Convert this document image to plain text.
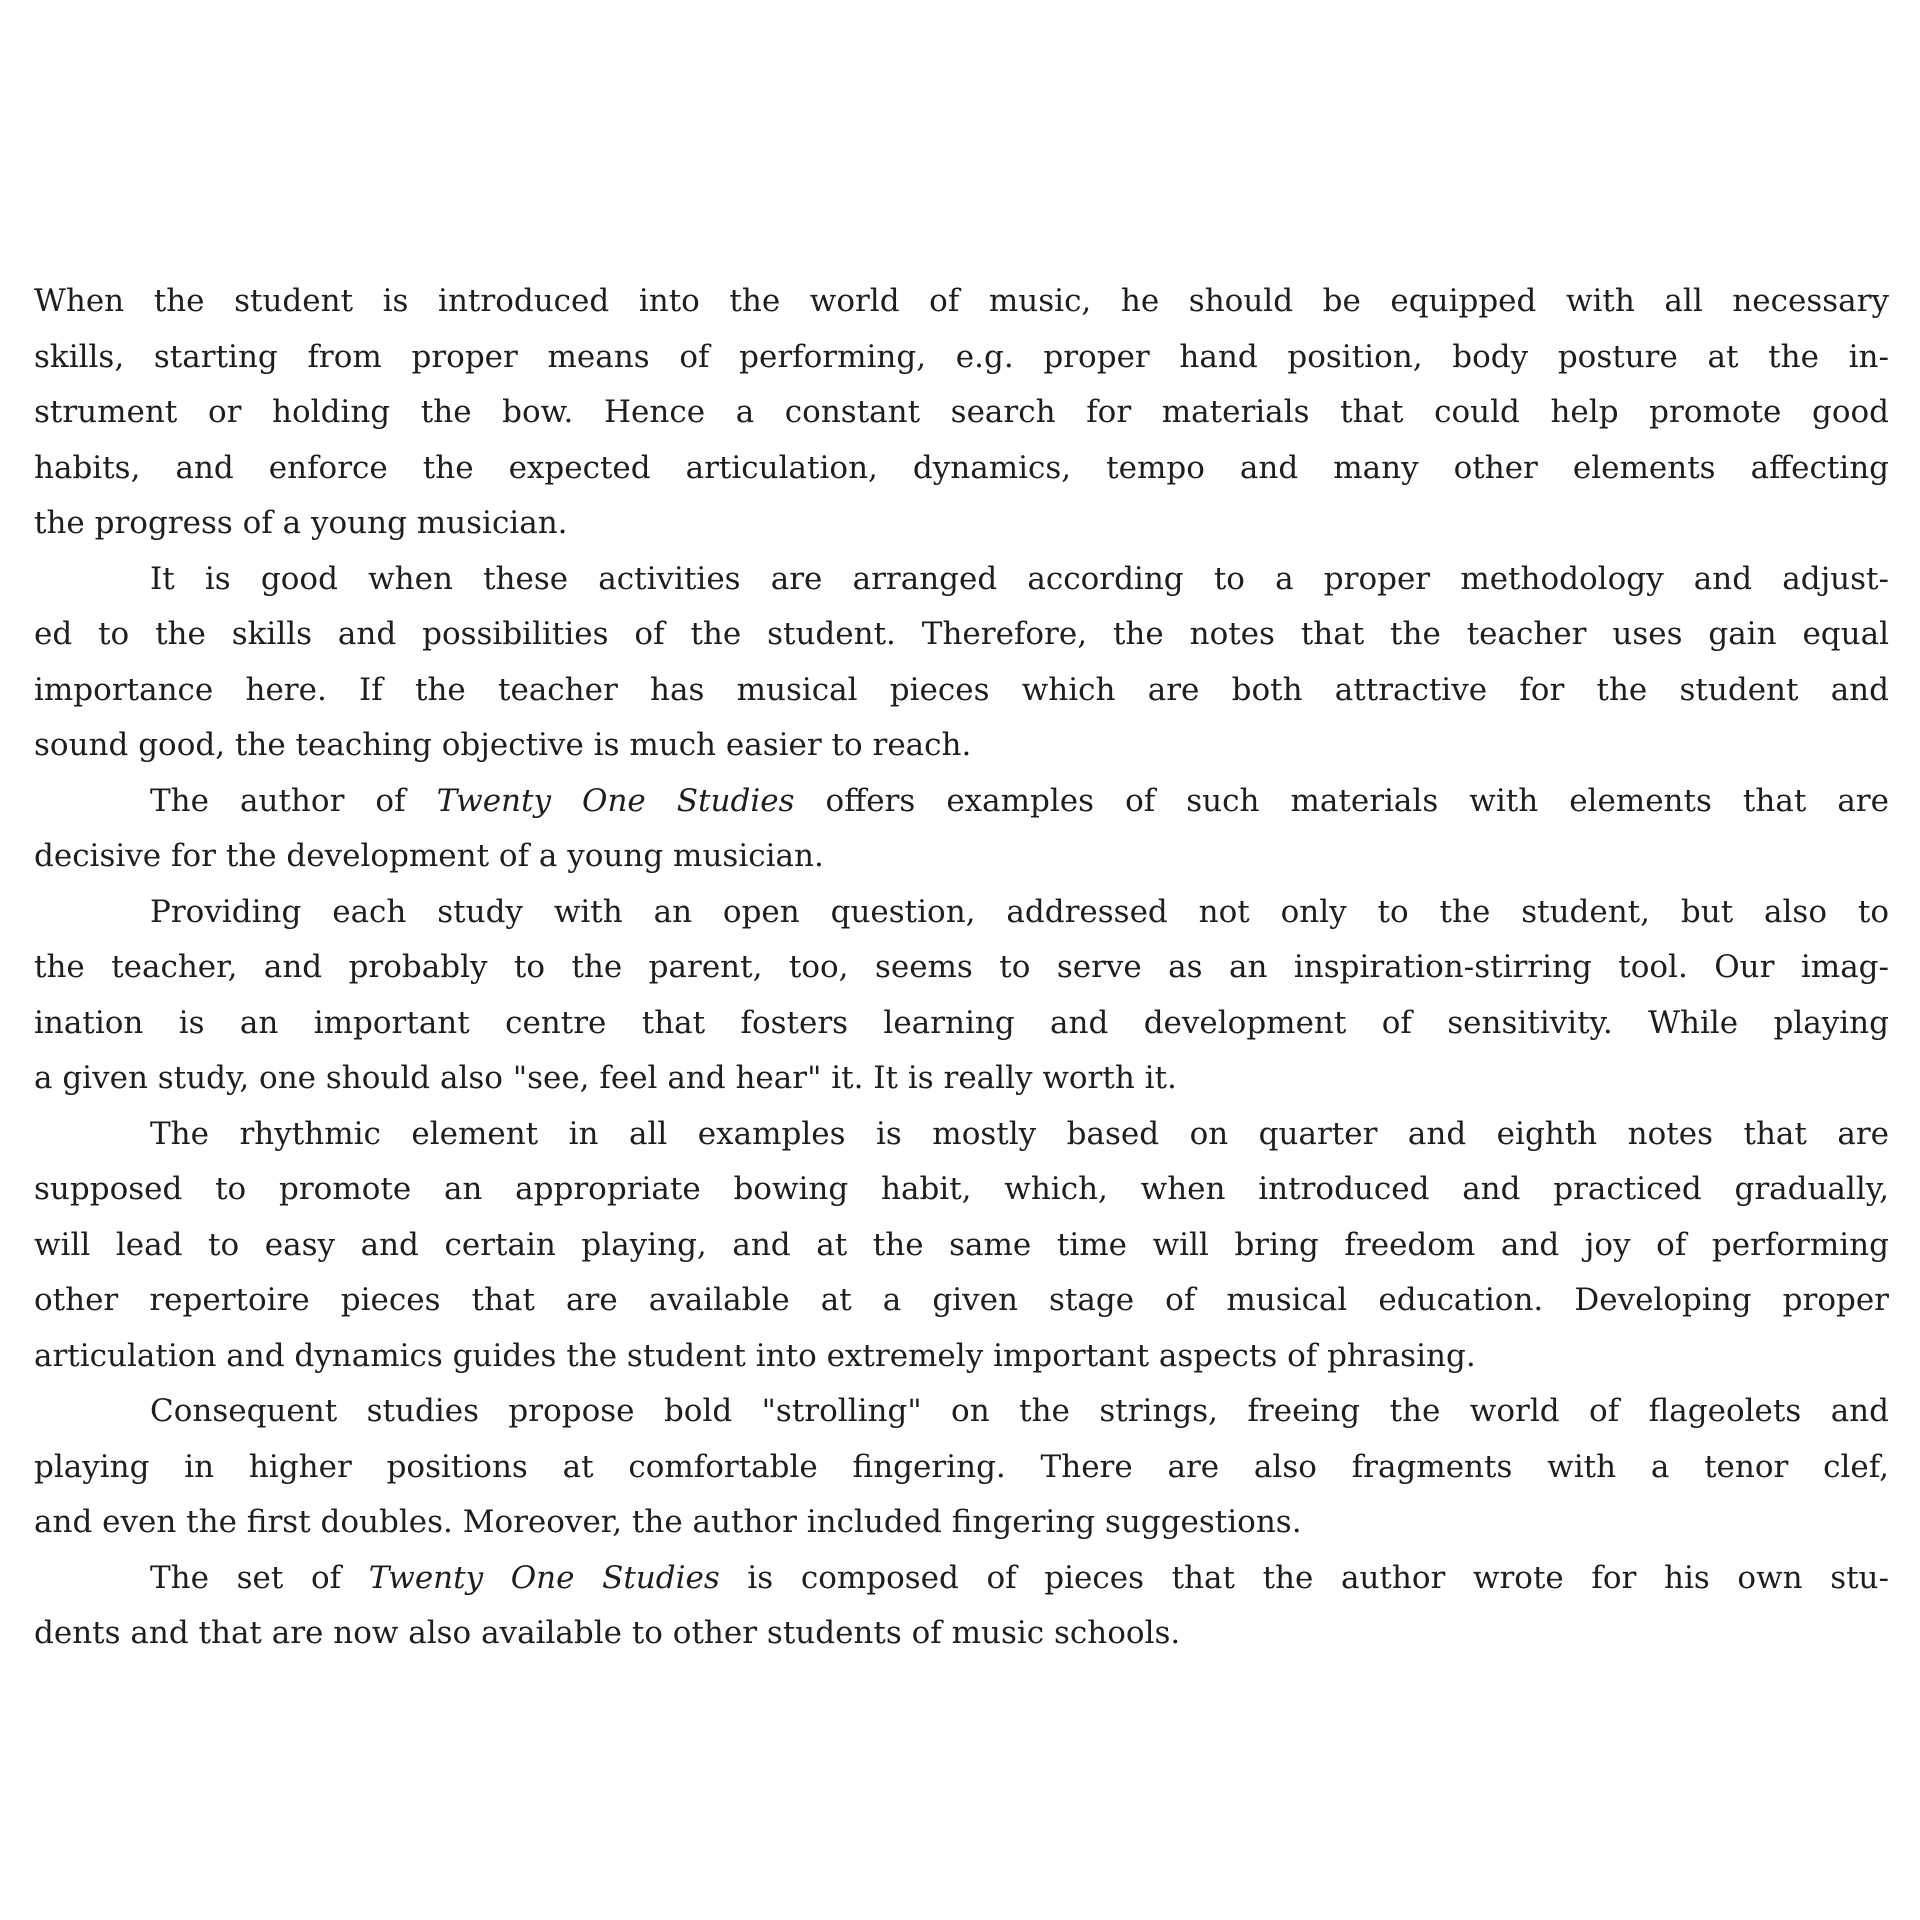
When the student is introduced into the world of music, he should be equipped with all necessary
skills, starting from proper means of performing, e.g. proper hand position, body posture at the in-
strument or holding the bow. Hence a constant search for materials that could help promote good
habits, and enforce the expected articulation, dynamics, tempo and many other elements affecting
the progress of a young musician.
It is good when these activities are arranged according to a proper methodology and adjust-
ed to the skills and possibilities of the student. Therefore, the notes that the teacher uses gain equal
importance here. If the teacher has musical pieces which are both attractive for the student and
sound good, the teaching objective is much easier to reach.
The author of Twenty One Studies offers examples of such materials with elements that are
decisive for the development of a young musician.
Providing each study with an open question, addressed not only to the student, but also to
the teacher, and probably to the parent, too, seems to serve as an inspiration-stirring tool. Our imag-
ination is an important centre that fosters learning and development of sensitivity. While playing
a given study, one should also "see, feel and hear" it. It is really worth it.
The rhythmic element in all examples is mostly based on quarter and eighth notes that are
supposed to promote an appropriate bowing habit, which, when introduced and practiced gradually,
will lead to easy and certain playing, and at the same time will bring freedom and joy of performing
other repertoire pieces that are available at a given stage of musical education. Developing proper
articulation and dynamics guides the student into extremely important aspects of phrasing.
Consequent studies propose bold "strolling" on the strings, freeing the world of flageolets and
playing in higher positions at comfortable fingering. There are also fragments with a tenor clef,
and even the first doubles. Moreover, the author included fingering suggestions.
The set of Twenty One Studies is composed of pieces that the author wrote for his own stu-
dents and that are now also available to other students of music schools.
